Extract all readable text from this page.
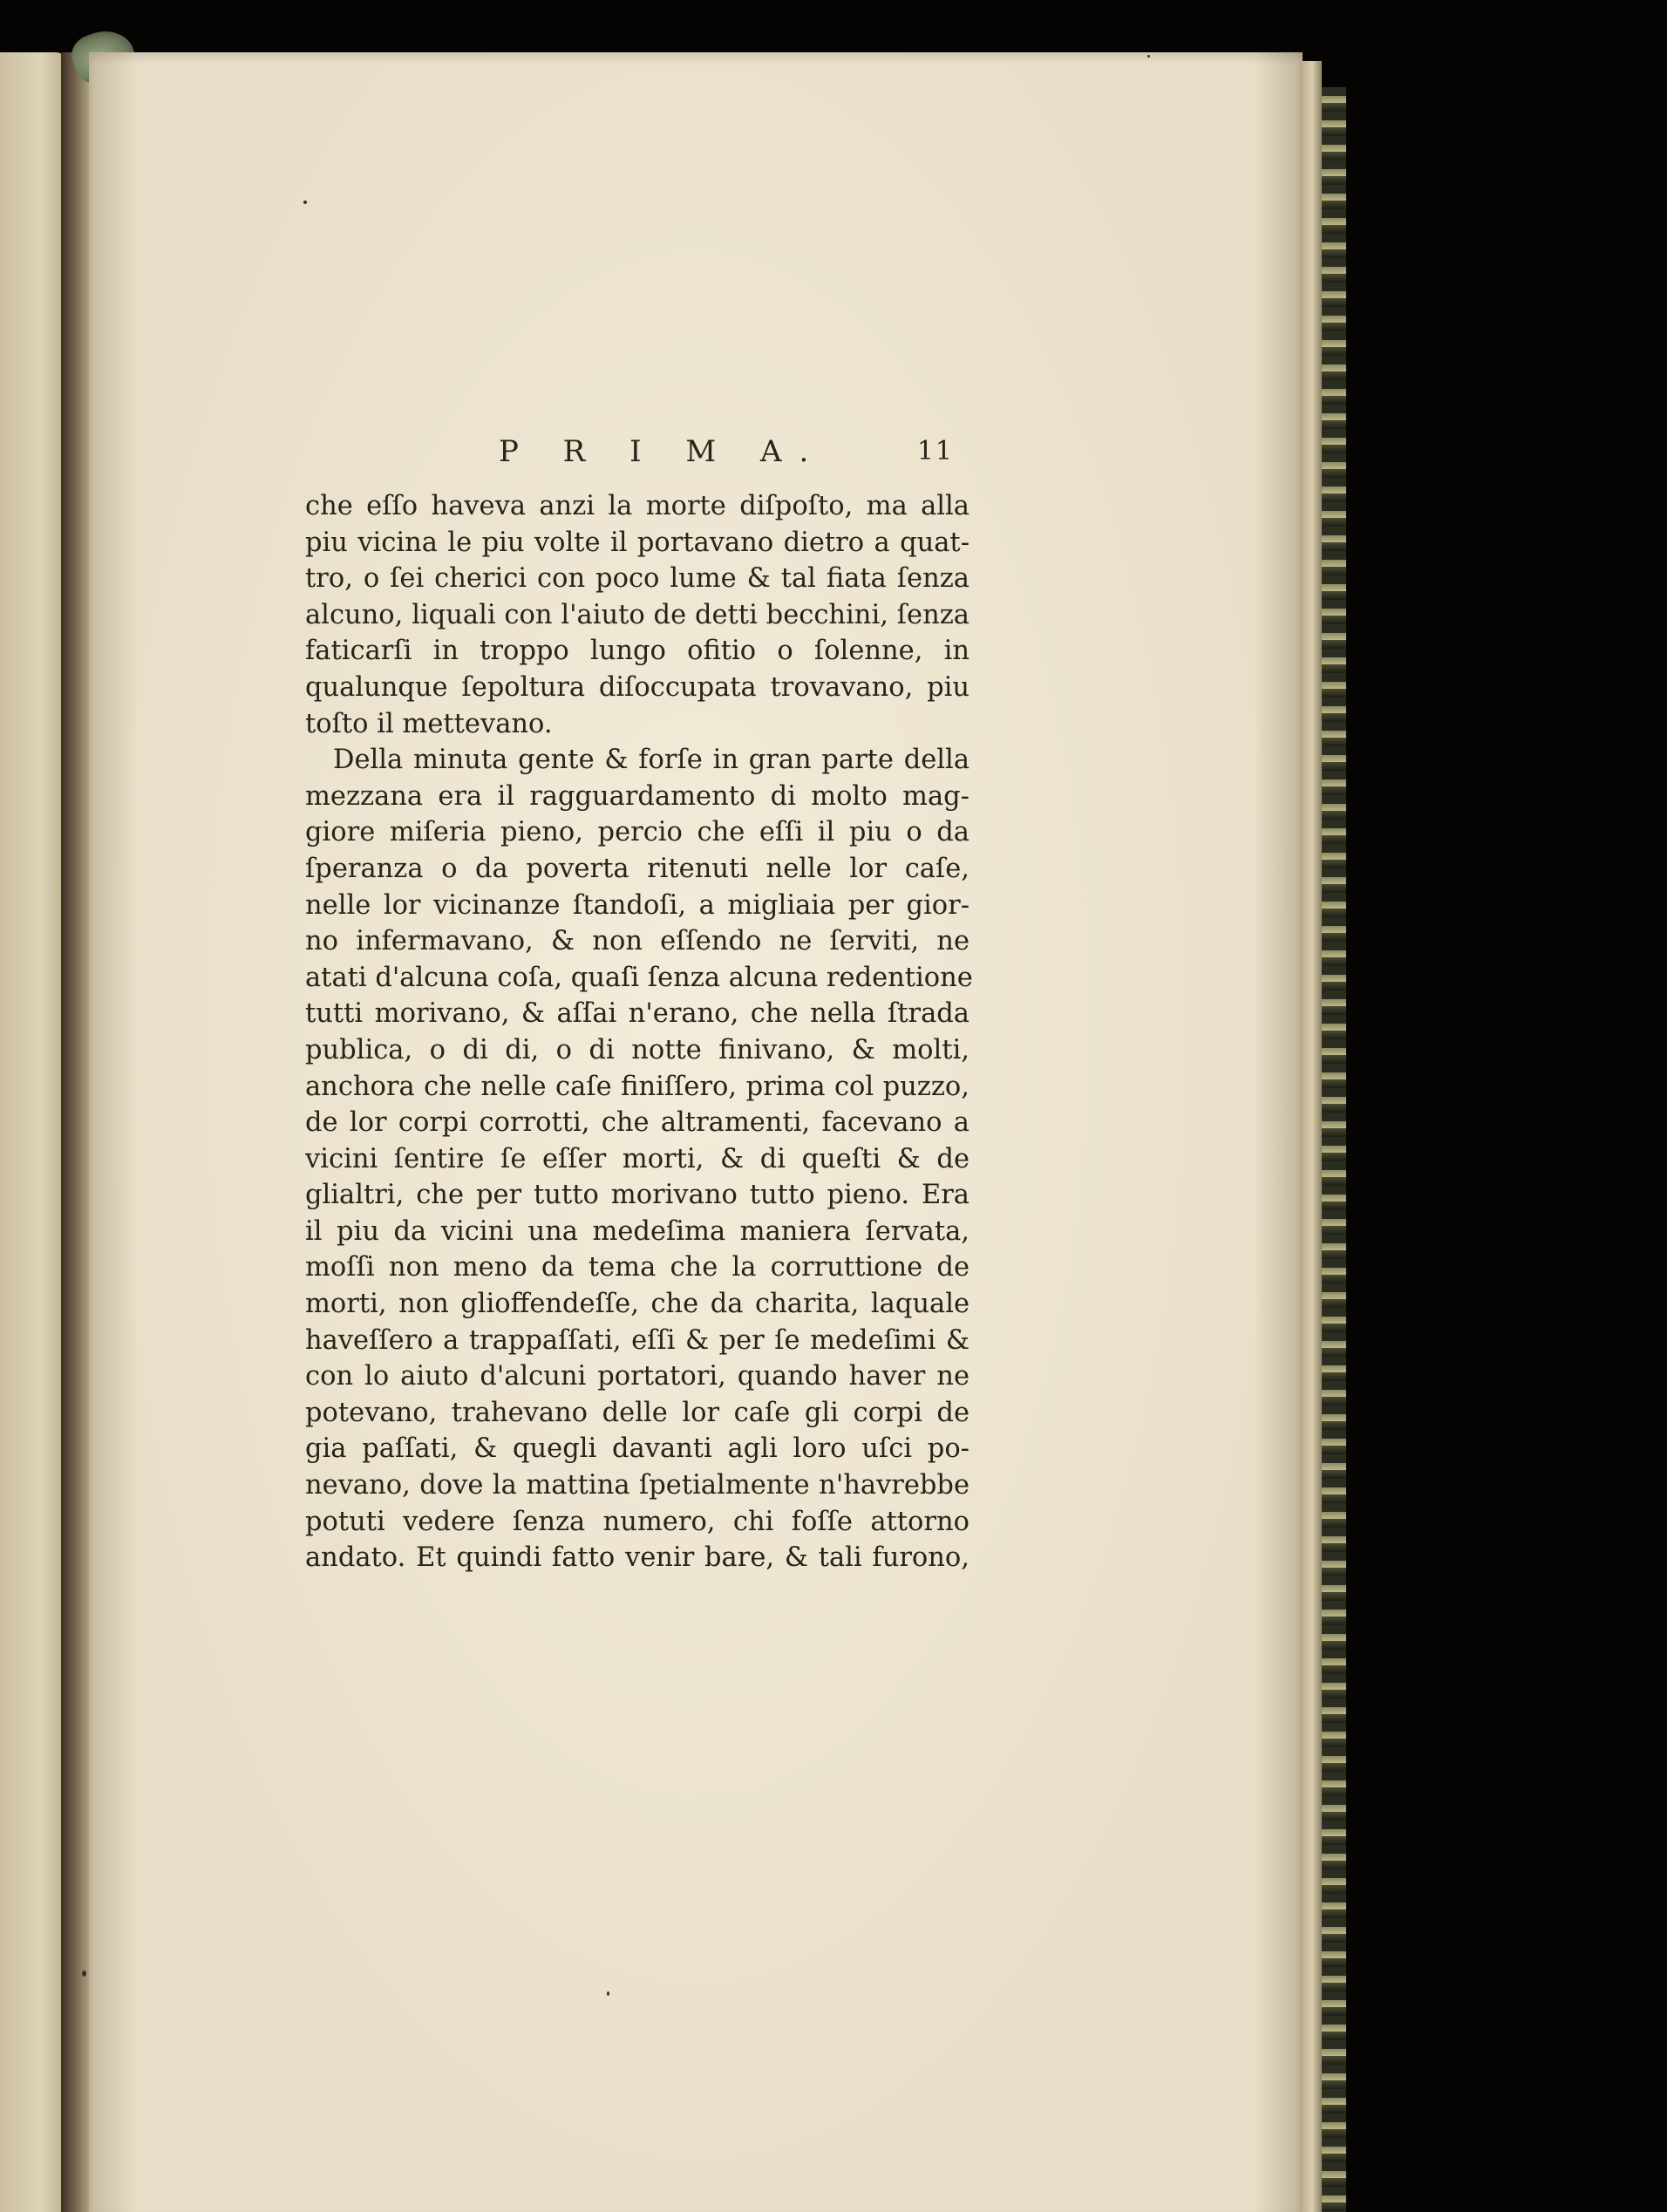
P R I M A.	11
che eſſo haveva anzi la morte diſpoſto, ma alla
piu vicina le piu volte il portavano dietro a quat-
tro, o ſei cherici con poco lume & tal fiata ſenza
alcuno, liquali con l'aiuto de detti becchini, ſenza
faticarſi in troppo lungo ofitio o ſolenne, in
qualunque ſepoltura diſoccupata trovavano, piu
toſto il mettevano.
Della minuta gente & forſe in gran parte della
mezzana era il ragguardamento di molto mag-
giore miſeria pieno, percio che eſſi il piu o da
ſperanza o da poverta ritenuti nelle lor caſe,
nelle lor vicinanze ſtandoſi, a migliaia per gior-
no infermavano, & non eſſendo ne ſerviti, ne
atati d'alcuna coſa, quaſi ſenza alcuna redentione
tutti morivano, & aſſai n'erano, che nella ſtrada
publica, o di di, o di notte finivano, & molti,
anchora che nelle caſe finiſſero, prima col puzzo,
de lor corpi corrotti, che altramenti, facevano a
vicini ſentire ſe eſſer morti, & di queſti & de
glialtri, che per tutto morivano tutto pieno. Era
il piu da vicini una medeſima maniera ſervata,
moſſi non meno da tema che la corruttione de
morti, non glioffendeſſe, che da charita, laquale
haveſſero a trappaſſati, eſſi & per ſe medeſimi &
con lo aiuto d'alcuni portatori, quando haver ne
potevano, trahevano delle lor caſe gli corpi de
gia paſſati, & quegli davanti agli loro uſci po-
nevano, dove la mattina ſpetialmente n'havrebbe
potuti vedere ſenza numero, chi foſſe attorno
andato. Et quindi fatto venir bare, & tali furono,
